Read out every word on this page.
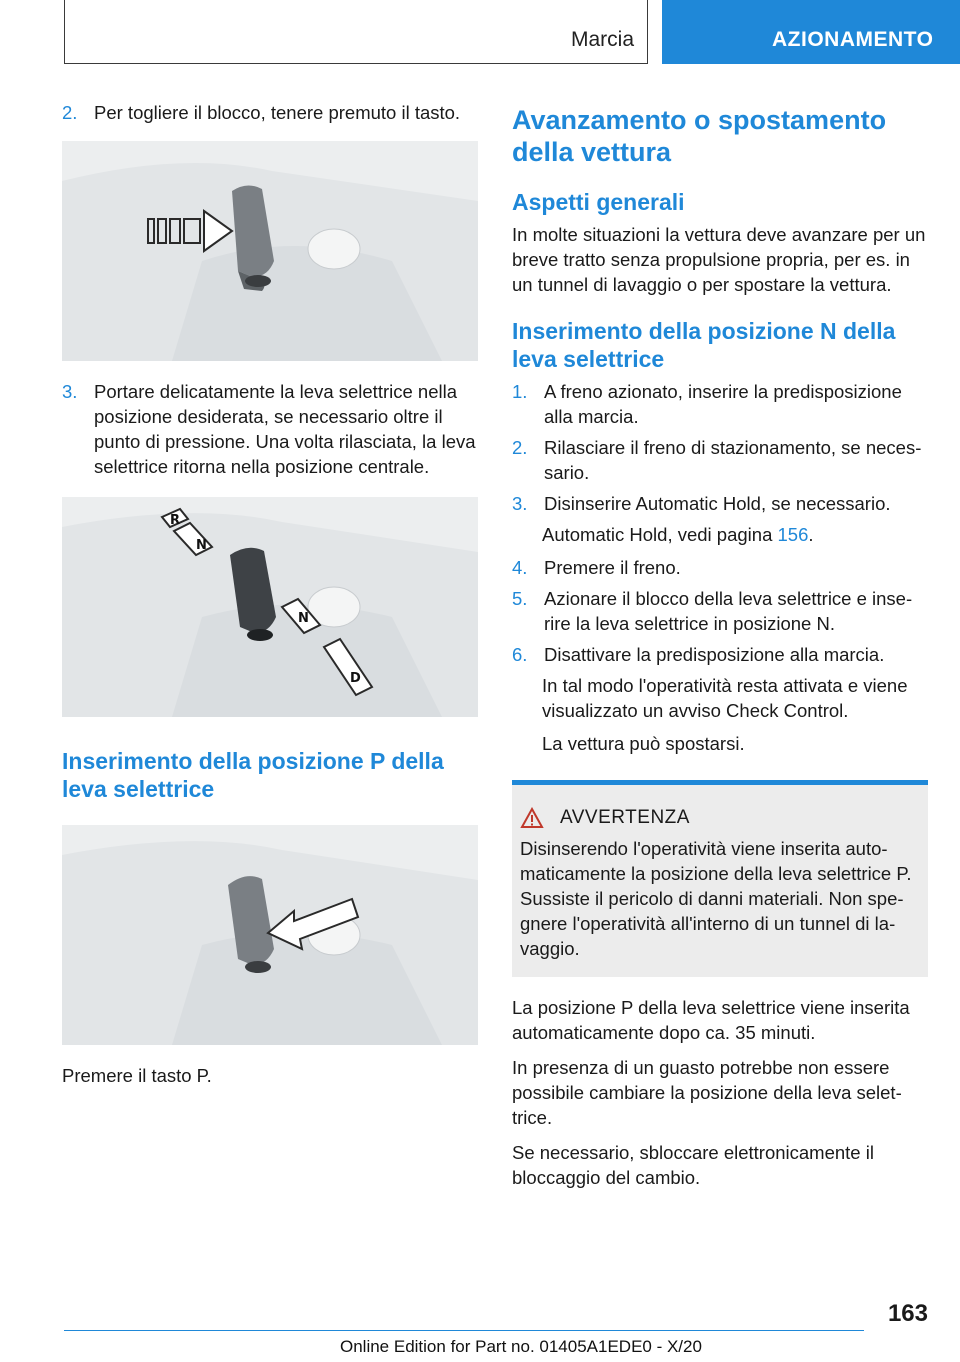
Marcia	AZIONAMENTO
2. Per togliere il blocco, tenere premuto il tasto.
3. Portare delicatamente la leva selettrice nella posizione desiderata, se necessario oltre il punto di pressione. Una volta rilasciata, la leva selettrice ritorna nella posizione centrale.
R
N
N
D
Inserimento della posizione P della leva selettrice
Premere il tasto P.
Avanzamento o spostamento della vettura
Aspetti generali
In molte situazioni la vettura deve avanzare per un breve tratto senza propulsione propria, per es. in un tunnel di lavaggio o per spostare la vettura.
Inserimento della posizione N della leva selettrice
1. A freno azionato, inserire la predisposizione alla marcia.
2. Rilasciare il freno di stazionamento, se necessario.
3. Disinserire Automatic Hold, se necessario.
Automatic Hold, vedi pagina 156.
4. Premere il freno.
5. Azionare il blocco della leva selettrice e inserire la leva selettrice in posizione N.
6. Disattivare la predisposizione alla marcia.
In tal modo l'operatività resta attivata e viene visualizzato un avviso Check Control.
La vettura può spostarsi.
AVVERTENZA
Disinserendo l'operatività viene inserita automaticamente la posizione della leva selettrice P. Sussiste il pericolo di danni materiali. Non spegnere l'operatività all'interno di un tunnel di lavaggio.
La posizione P della leva selettrice viene inserita automaticamente dopo ca. 35 minuti.
In presenza di un guasto potrebbe non essere possibile cambiare la posizione della leva selettrice.
Se necessario, sbloccare elettronicamente il bloccaggio del cambio.
163
Online Edition for Part no. 01405A1EDE0 - X/20
